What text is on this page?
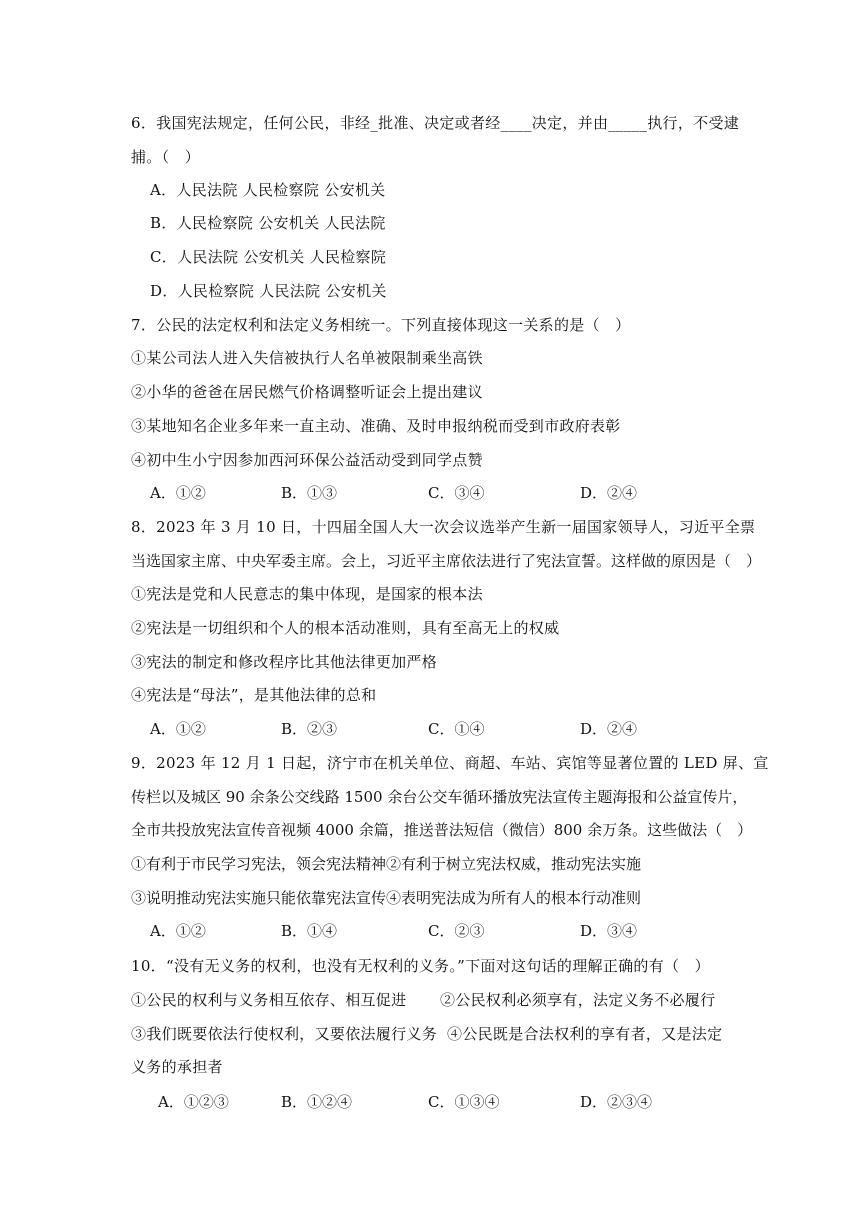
6．我国宪法规定，任何公民，非经_批准、决定或者经____决定，并由_____执行，不受逮
捕。（　）
A．人民法院 人民检察院 公安机关
B．人民检察院 公安机关 人民法院
C．人民法院 公安机关 人民检察院
D．人民检察院 人民法院 公安机关
7．公民的法定权利和法定义务相统一。下列直接体现这一关系的是（　）
①某公司法人进入失信被执行人名单被限制乘坐高铁
②小华的爸爸在居民燃气价格调整听证会上提出建议
③某地知名企业多年来一直主动、准确、及时申报纳税而受到市政府表彰
④初中生小宁因参加西河环保公益活动受到同学点赞
A．①②	B．①③	C．③④	D．②④
8．2023 年 3 月 10 日，十四届全国人大一次会议选举产生新一届国家领导人，习近平全票
当选国家主席、中央军委主席。会上，习近平主席依法进行了宪法宣誓。这样做的原因是（　）
①宪法是党和人民意志的集中体现，是国家的根本法
②宪法是一切组织和个人的根本活动准则，具有至高无上的权威
③宪法的制定和修改程序比其他法律更加严格
④宪法是“母法”，是其他法律的总和
A．①②	B．②③	C．①④	D．②④
9．2023 年 12 月 1 日起，济宁市在机关单位、商超、车站、宾馆等显著位置的 LED 屏、宣
传栏以及城区 90 余条公交线路 1500 余台公交车循环播放宪法宣传主题海报和公益宣传片，
全市共投放宪法宣传音视频 4000 余篇，推送普法短信（微信）800 余万条。这些做法（　）
①有利于市民学习宪法，领会宪法精神②有利于树立宪法权威，推动宪法实施
③说明推动宪法实施只能依靠宪法宣传④表明宪法成为所有人的根本行动准则
A．①②	B．①④	C．②③	D．③④
10．“没有无义务的权利，也没有无权利的义务。”下面对这句话的理解正确的有（　）
①公民的权利与义务相互依存、相互促进 ②公民权利必须享有，法定义务不必履行
③我们既要依法行使权利，又要依法履行义务 ④公民既是合法权利的享有者，又是法定
义务的承担者
A．①②③	B．①②④	C．①③④	D．②③④
